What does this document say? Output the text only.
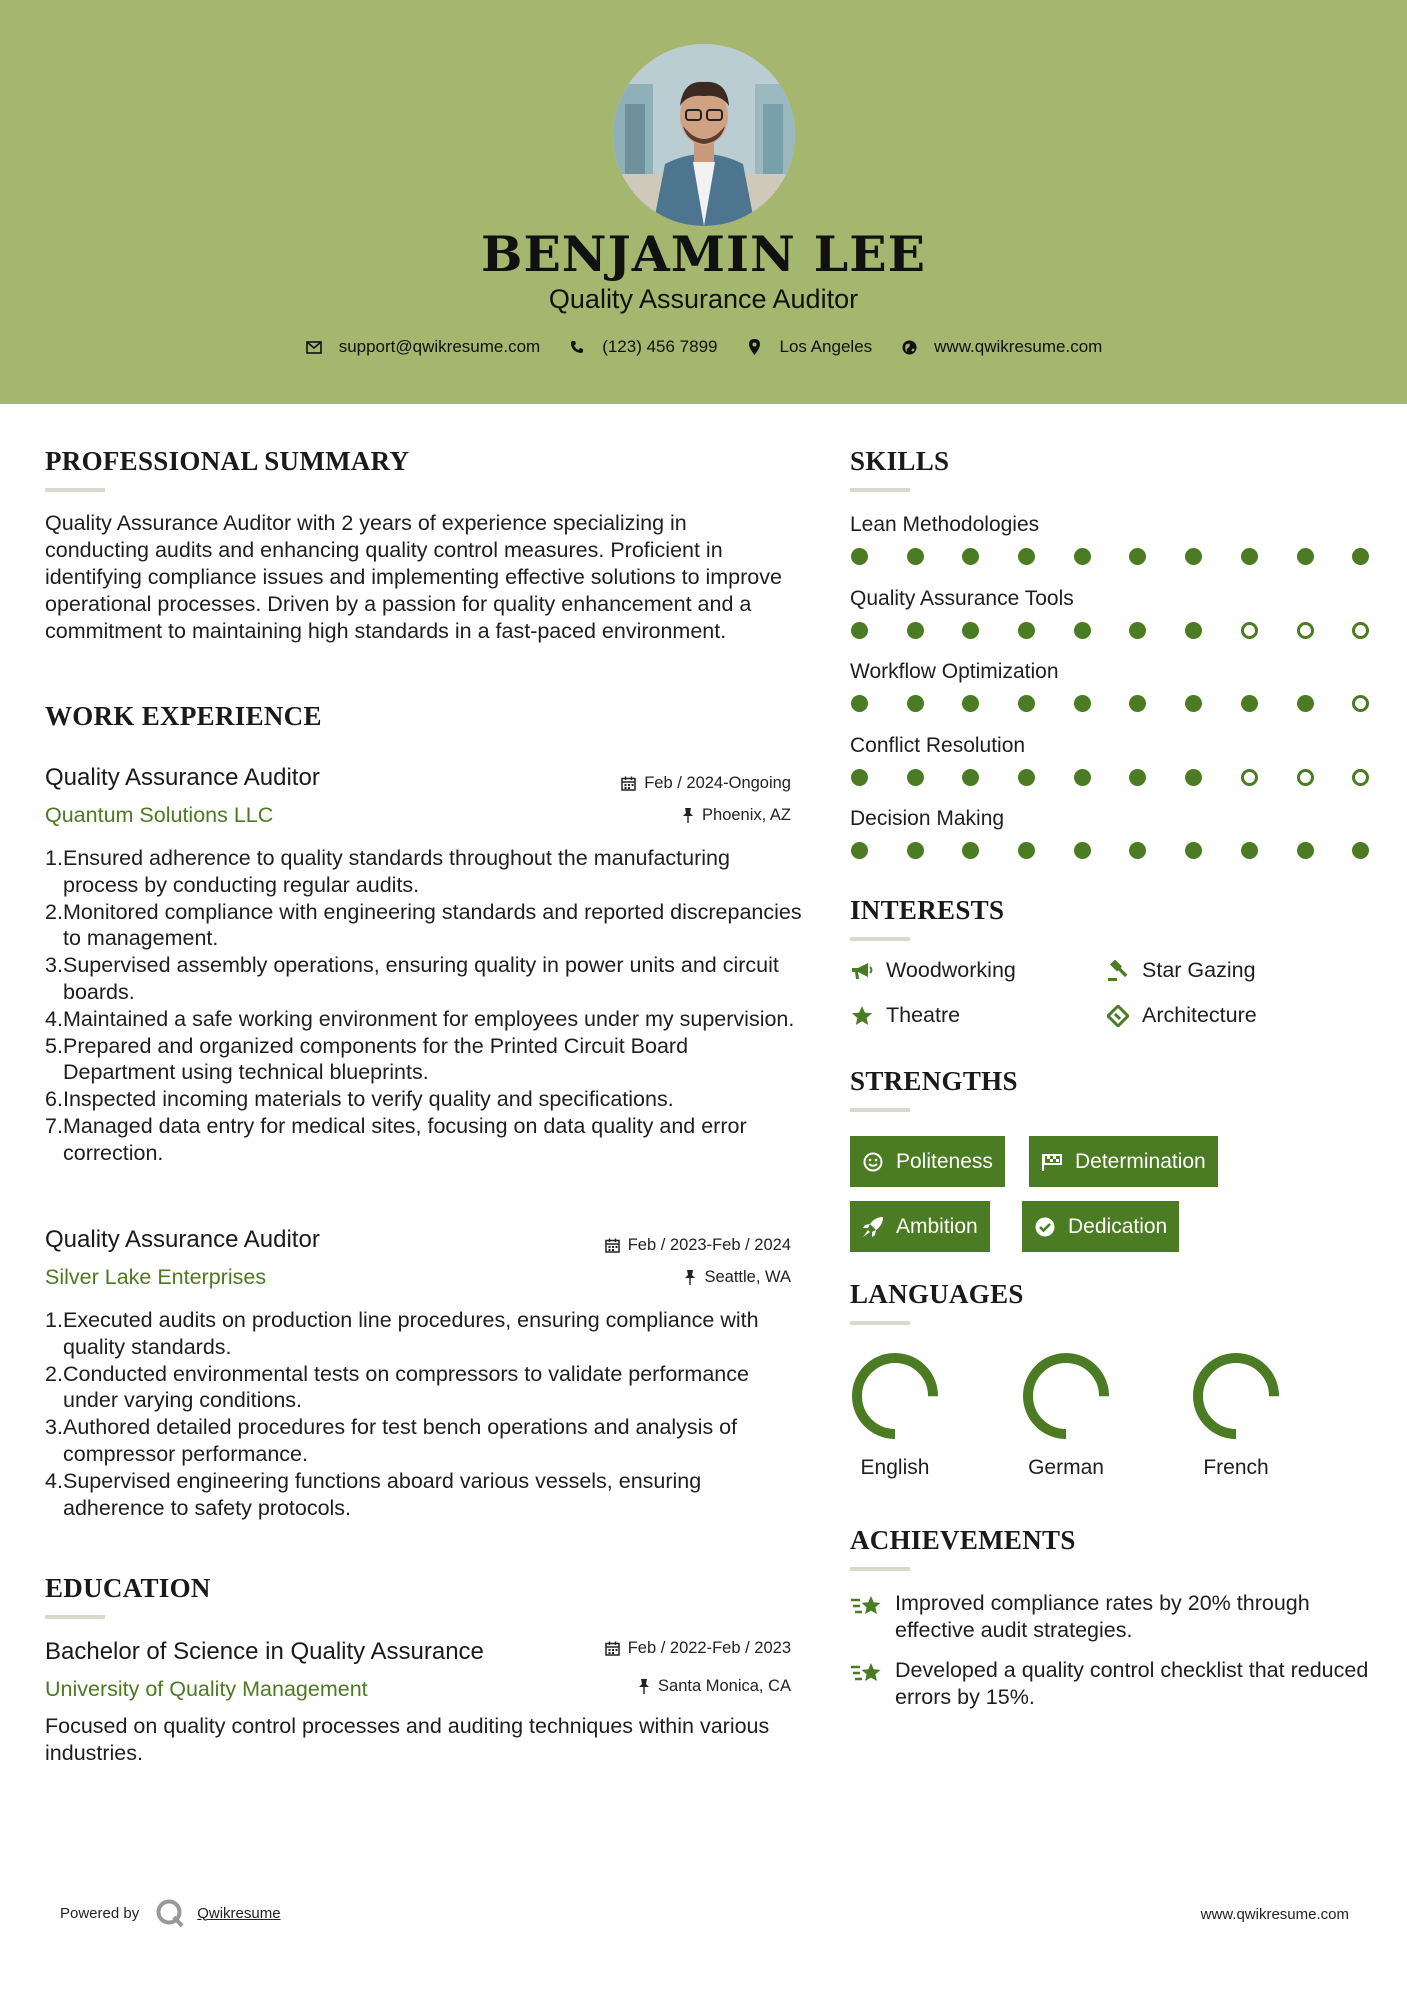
BENJAMIN LEE
Quality Assurance Auditor
support@qwikresume.com	(123) 456 7899	Los Angeles	www.qwikresume.com
PROFESSIONAL SUMMARY
Quality Assurance Auditor with 2 years of experience specializing in conducting audits and enhancing quality control measures. Proficient in identifying compliance issues and implementing effective solutions to improve operational processes. Driven by a passion for quality enhancement and a commitment to maintaining high standards in a fast-paced environment.
WORK EXPERIENCE
Quality Assurance Auditor
Quantum Solutions LLC
Feb / 2024-Ongoing
Phoenix, AZ
1. Ensured adherence to quality standards throughout the manufacturing process by conducting regular audits.
2. Monitored compliance with engineering standards and reported discrepancies to management.
3. Supervised assembly operations, ensuring quality in power units and circuit boards.
4. Maintained a safe working environment for employees under my supervision.
5. Prepared and organized components for the Printed Circuit Board Department using technical blueprints.
6. Inspected incoming materials to verify quality and specifications.
7. Managed data entry for medical sites, focusing on data quality and error correction.
Quality Assurance Auditor
Silver Lake Enterprises
Feb / 2023-Feb / 2024
Seattle, WA
1. Executed audits on production line procedures, ensuring compliance with quality standards.
2. Conducted environmental tests on compressors to validate performance under varying conditions.
3. Authored detailed procedures for test bench operations and analysis of compressor performance.
4. Supervised engineering functions aboard various vessels, ensuring adherence to safety protocols.
EDUCATION
Bachelor of Science in Quality Assurance
University of Quality Management
Feb / 2022-Feb / 2023
Santa Monica, CA
Focused on quality control processes and auditing techniques within various industries.
SKILLS
Lean Methodologies
Quality Assurance Tools
Workflow Optimization
Conflict Resolution
Decision Making
INTERESTS
Woodworking	Star Gazing
Theatre	Architecture
STRENGTHS
Politeness	Determination
Ambition	Dedication
LANGUAGES
English	German	French
ACHIEVEMENTS
Improved compliance rates by 20% through effective audit strategies.
Developed a quality control checklist that reduced errors by 15%.
Powered by	Qwikresume	www.qwikresume.com
